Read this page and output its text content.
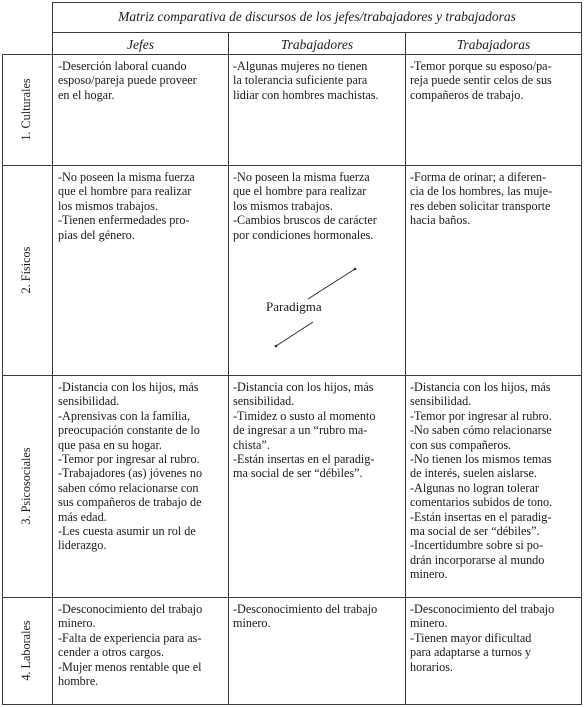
Matriz comparativa de discursos de los jefes/trabajadores y trabajadoras
Jefes	Trabajadores	Trabajadoras
1. Culturales
2. Físicos
3. Psicosociales
4. Laborales
-Deserción laboral cuando
esposo/pareja puede proveer
en el hogar.
-Algunas mujeres no tienen
la tolerancia suficiente para
lidiar con hombres machistas.
-Temor porque su esposo/pa-
reja puede sentir celos de sus
compañeros de trabajo.
-No poseen la misma fuerza
que el hombre para realizar
los mismos trabajos.
-Tienen enfermedades pro-
pias del género.
-No poseen la misma fuerza
que el hombre para realizar
los mismos trabajos.
-Cambios bruscos de carácter
por condiciones hormonales.
-Forma de orinar; a diferen-
cia de los hombres, las muje-
res deben solicitar transporte
hacia baños.
Paradigma
-Distancia con los hijos, más
sensibilidad.
-Aprensivas con la familia,
preocupación constante de lo
que pasa en su hogar.
-Temor por ingresar al rubro.
-Trabajadores (as) jóvenes no
saben cómo relacionarse con
sus compañeros de trabajo de
más edad.
-Les cuesta asumir un rol de
liderazgo.
-Distancia con los hijos, más
sensibilidad.
-Timidez o susto al momento
de ingresar a un “rubro ma-
chista”.
-Están insertas en el paradig-
ma social de ser “débiles”.
-Distancia con los hijos, más
sensibilidad.
-Temor por ingresar al rubro.
-No saben cómo relacionarse
con sus compañeros.
-No tienen los mismos temas
de interés, suelen aislarse.
-Algunas no logran tolerar
comentarios subidos de tono.
-Están insertas en el paradig-
ma social de ser “débiles”.
-Incertidumbre sobre si po-
drán incorporarse al mundo
minero.
-Desconocimiento del trabajo
minero.
-Falta de experiencia para as-
cender a otros cargos.
-Mujer menos rentable que el
hombre.
-Desconocimiento del trabajo
minero.
-Desconocimiento del trabajo
minero.
-Tienen mayor dificultad
para adaptarse a turnos y
horarios.
